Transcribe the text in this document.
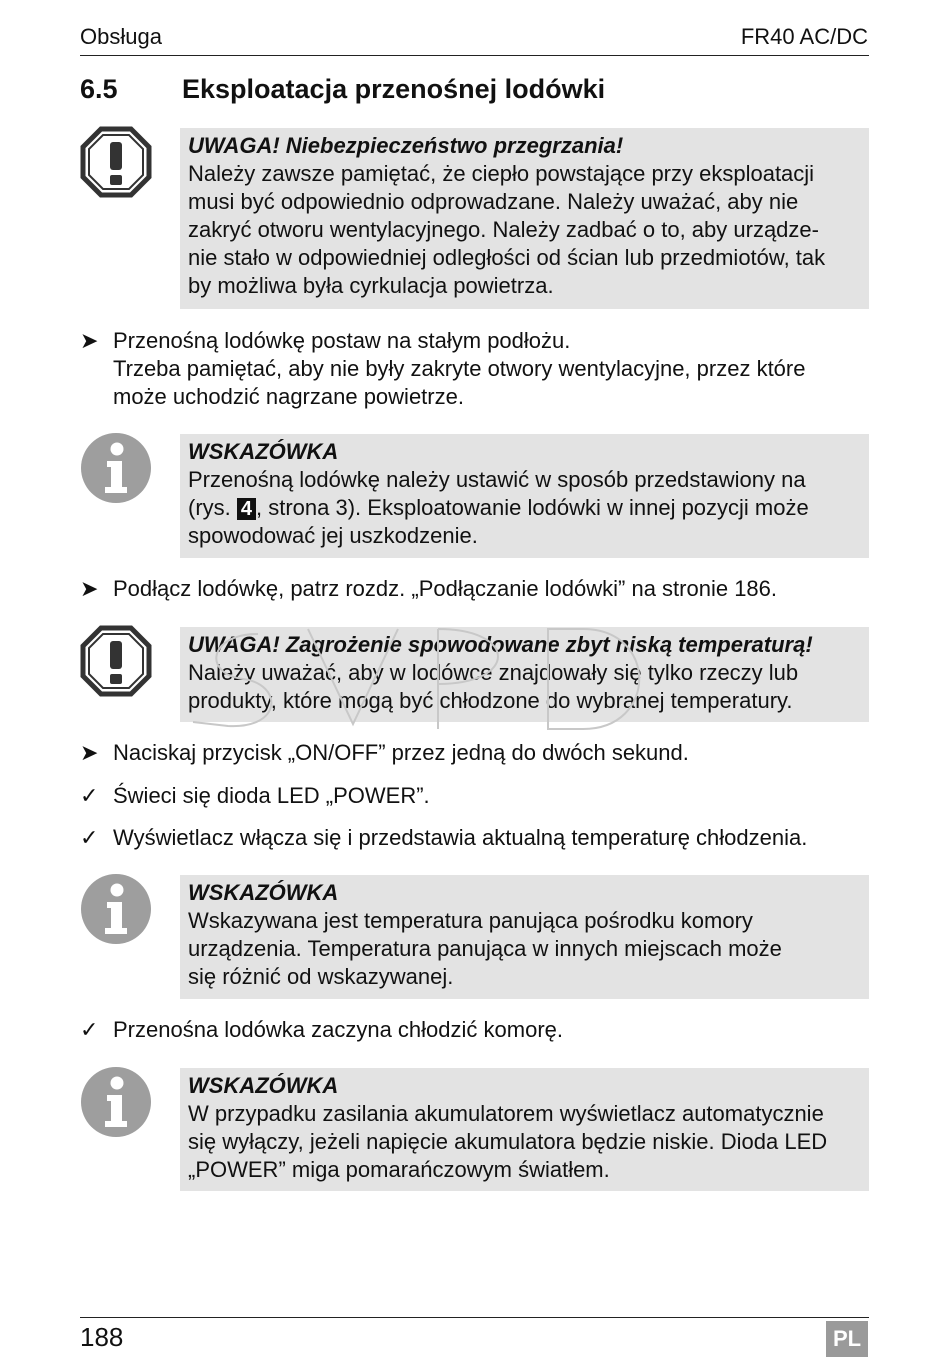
Obsługa	FR40 AC/DC
6.5 Eksploatacja przenośnej lodówki

UWAGA! Niebezpieczeństwo przegrzania!

Należy zawsze pamiętać, że ciepło powstające przy eksploatacji

musi być odpowiednio odprowadzane. Należy uważać, aby nie

zakryć otworu wentylacyjnego. Należy zadbać o to, aby urządze-

nie stało w odpowiedniej odległości od ścian lub przedmiotów, tak

by możliwa była cyrkulacja powietrza.

➤ Przenośną lodówkę postaw na stałym podłożu.
Trzeba pamiętać, aby nie były zakryte otwory wentylacyjne, przez które
może uchodzić nagrzane powietrze.

WSKAZÓWKA

Przenośną lodówkę należy ustawić w sposób przedstawiony na

(rys. 4 , strona 3). Eksploatowanie lodówki w innej pozycji może

spowodować jej uszkodzenie.

➤ Podłącz lodówkę, patrz rozdz. „Podłączanie lodówki” na stronie 186.

UWAGA! Zagrożenie spowodowane zbyt niską temperaturą!

Należy uważać, aby w lodówce znajdowały się tylko rzeczy lub

produkty, które mogą być chłodzone do wybranej temperatury.

➤ Naciskaj przycisk „ON/OFF” przez jedną do dwóch sekund.
✓ Świeci się dioda LED „POWER”.
✓ Wyświetlacz włącza się i przedstawia aktualną temperaturę chłodzenia.

WSKAZÓWKA

Wskazywana jest temperatura panująca pośrodku komory

urządzenia. Temperatura panująca w innych miejscach może

się różnić od wskazywanej.

✓ Przenośna lodówka zaczyna chłodzić komorę.

WSKAZÓWKA

W przypadku zasilania akumulatorem wyświetlacz automatycznie

się wyłączy, jeżeli napięcie akumulatora będzie niskie. Dioda LED

„POWER” miga pomarańczowym światłem.

188	PL
